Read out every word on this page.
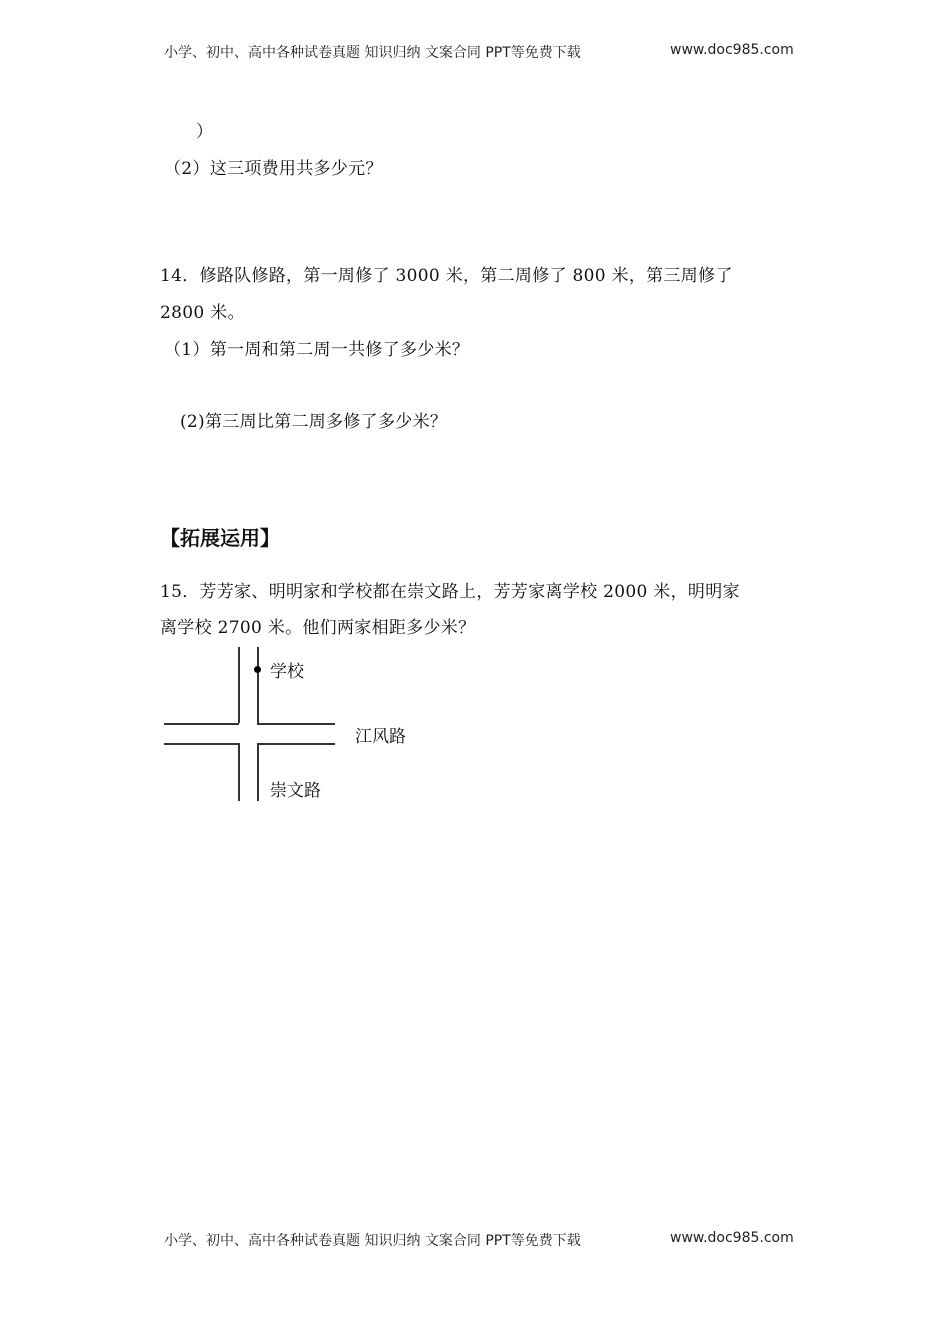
小学、初中、高中各种试卷真题 知识归纳 文案合同 PPT等免费下载	www.doc985.com
）
（2）这三项费用共多少元？
14．修路队修路，第一周修了 3000 米，第二周修了 800 米，第三周修了
2800 米。
（1）第一周和第二周一共修了多少米？
(2)第三周比第二周多修了多少米？
【拓展运用】
15．芳芳家、明明家和学校都在崇文路上，芳芳家离学校 2000 米，明明家
离学校 2700 米。他们两家相距多少米？
学校
江风路
崇文路
小学、初中、高中各种试卷真题 知识归纳 文案合同 PPT等免费下载	www.doc985.com
